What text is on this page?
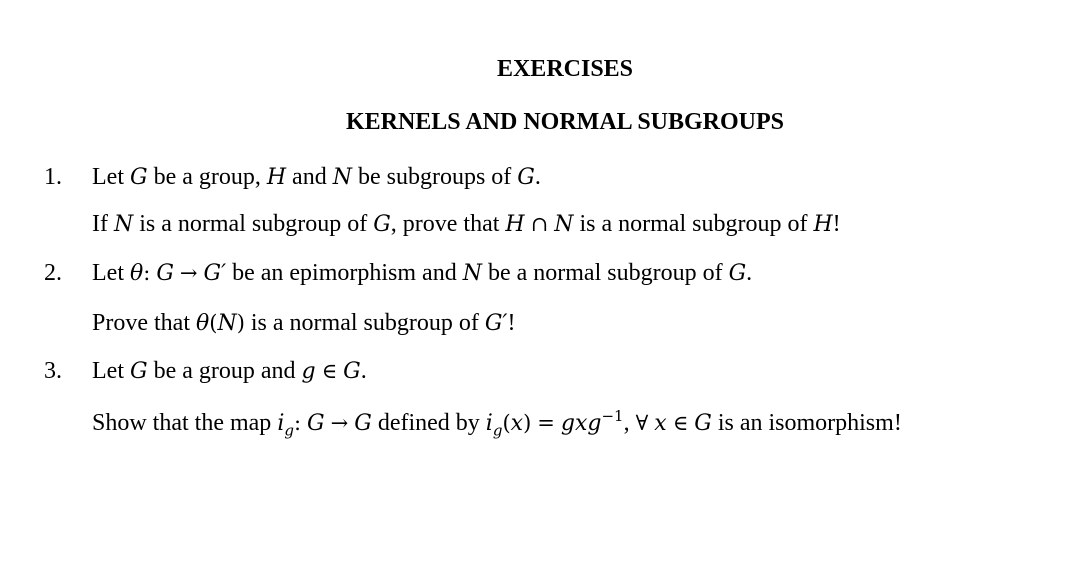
EXERCISES
KERNELS AND NORMAL SUBGROUPS
1. Let G be a group, H and N be subgroups of G.
If N is a normal subgroup of G, prove that H ∩ N is a normal subgroup of H!
2. Let θ: G → G′ be an epimorphism and N be a normal subgroup of G.
Prove that θ(N) is a normal subgroup of G′!
3. Let G be a group and g ∈ G.
Show that the map $i_g$: G → G defined by $i_g(x) = gxg^{-1}$, ∀ x ∈ G is an isomorphism!
